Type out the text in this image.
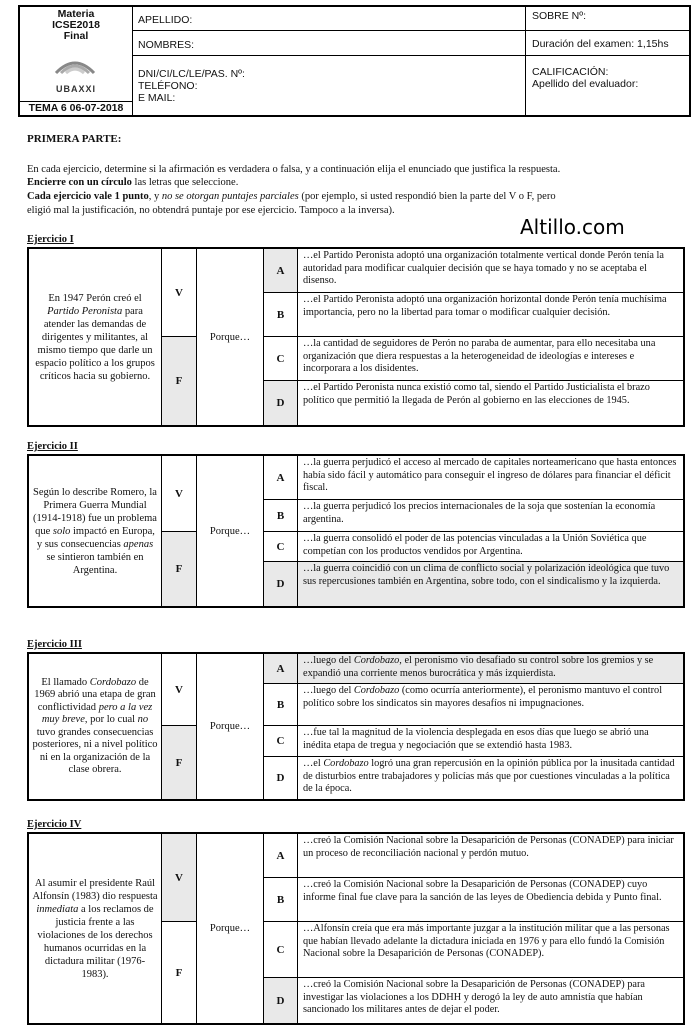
Materia
ICSE2018
Final
UBAXXI
TEMA 6 06-07-2018
APELLIDO:
NOMBRES:
DNI/CI/LC/LE/PAS. Nº:
TELÉFONO:
E MAIL:
SOBRE Nº:
Duración del examen: 1,15hs
CALIFICACIÓN:
Apellido del evaluador:
PRIMERA PARTE:
En cada ejercicio, determine si la afirmación es verdadera o falsa, y a continuación elija el enunciado que justifica la respuesta.
Encierre con un círculo las letras que seleccione.
Cada ejercicio vale 1 punto, y no se otorgan puntajes parciales (por ejemplo, si usted respondió bien la parte del V o F, pero
eligió mal la justificación, no obtendrá puntaje por ese ejercicio. Tampoco a la inversa).
Altillo.com
Ejercicio I
En 1947 Perón creó el Partido Peronista para atender las demandas de dirigentes y militantes, al mismo tiempo que darle un espacio político a los grupos críticos hacia su gobierno.
V
F
Porque…
A
…el Partido Peronista adoptó una organización totalmente vertical donde Perón tenía la autoridad para modificar cualquier decisión que se haya tomado y no se aceptaba el disenso.
B
…el Partido Peronista adoptó una organización horizontal donde Perón tenía muchísima importancia, pero no la libertad para tomar o modificar cualquier decisión.
C
…la cantidad de seguidores de Perón no paraba de aumentar, para ello necesitaba una organización que diera respuestas a la heterogeneidad de ideologías e intereses e incorporara a los disidentes.
D
…el Partido Peronista nunca existió como tal, siendo el Partido Justicialista el brazo político que permitió la llegada de Perón al gobierno en las elecciones de 1945.
Ejercicio II
Según lo describe Romero, la Primera Guerra Mundial (1914-1918) fue un problema que solo impactó en Europa, y sus consecuencias apenas se sintieron también en Argentina.
V
F
Porque…
A
…la guerra perjudicó el acceso al mercado de capitales norteamericano que hasta entonces había sido fácil y automático para conseguir el ingreso de dólares para financiar el déficit fiscal.
B
…la guerra perjudicó los precios internacionales de la soja que sostenían la economía argentina.
C
…la guerra consolidó el poder de las potencias vinculadas a la Unión Soviética que competían con los productos vendidos por Argentina.
D
…la guerra coincidió con un clima de conflicto social y polarización ideológica que tuvo sus repercusiones también en Argentina, sobre todo, con el sindicalismo y la izquierda.
Ejercicio III
El llamado Cordobazo de 1969 abrió una etapa de gran conflictividad pero a la vez muy breve, por lo cual no tuvo grandes consecuencias posteriores, ni a nivel político ni en la organización de la clase obrera.
V
F
Porque…
A
…luego del Cordobazo, el peronismo vio desafiado su control sobre los gremios y se expandió una corriente menos burocrática y más izquierdista.
B
…luego del Cordobazo (como ocurría anteriormente), el peronismo mantuvo el control político sobre los sindicatos sin mayores desafíos ni impugnaciones.
C
…fue tal la magnitud de la violencia desplegada en esos días que luego se abrió una inédita etapa de tregua y negociación que se extendió hasta 1983.
D
…el Cordobazo logró una gran repercusión en la opinión pública por la inusitada cantidad de disturbios entre trabajadores y policías más que por cuestiones vinculadas a la política de la época.
Ejercicio IV
Al asumir el presidente Raúl Alfonsín (1983) dio respuesta inmediata a los reclamos de justicia frente a las violaciones de los derechos humanos ocurridas en la dictadura militar (1976-1983).
V
F
Porque…
A
…creó la Comisión Nacional sobre la Desaparición de Personas (CONADEP) para iniciar un proceso de reconciliación nacional y perdón mutuo.
B
…creó la Comisión Nacional sobre la Desaparición de Personas (CONADEP) cuyo informe final fue clave para la sanción de las leyes de Obediencia debida y Punto final.
C
…Alfonsín creía que era más importante juzgar a la institución militar que a las personas que habían llevado adelante la dictadura iniciada en 1976 y para ello fundó la Comisión Nacional sobre la Desaparición de Personas (CONADEP).
D
…creó la Comisión Nacional sobre la Desaparición de Personas (CONADEP) para investigar las violaciones a los DDHH y derogó la ley de auto amnistía que habían sancionado los militares antes de dejar el poder.
